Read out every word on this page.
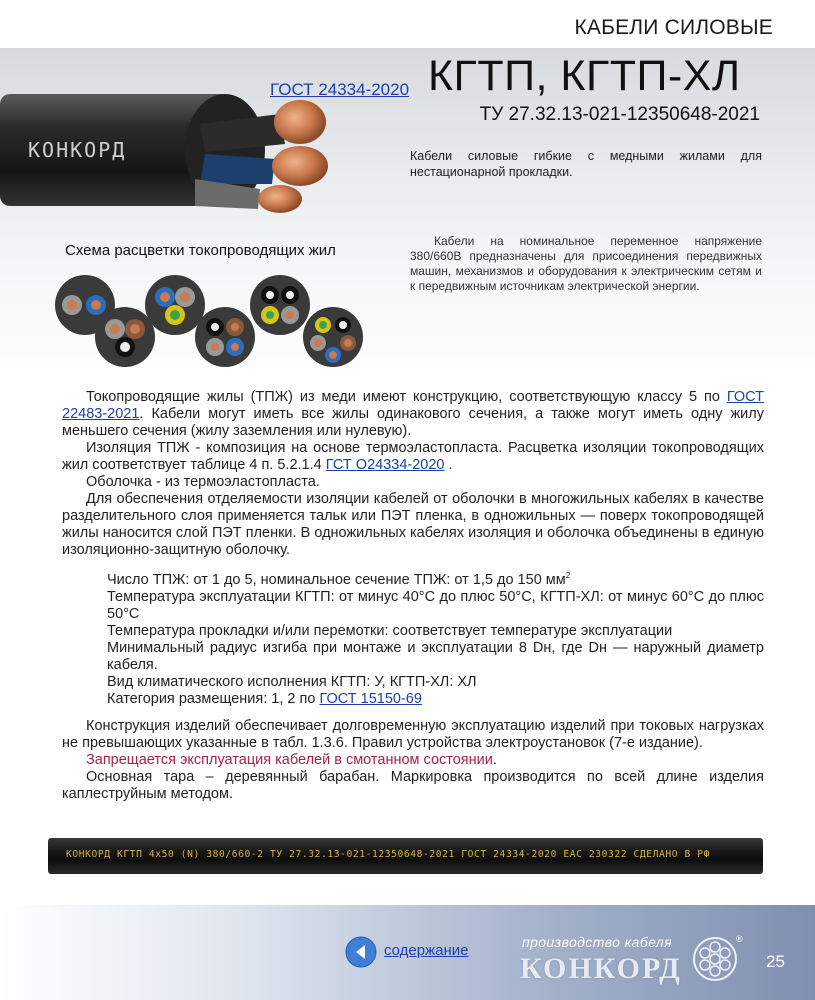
КАБЕЛИ СИЛОВЫЕ
КОНКОРД
ГОСТ 24334-2020 КГТП, КГТП-ХЛ
ТУ 27.32.13-021-12350648-2021
Кабели силовые гибкие с медными жилами для нестационарной прокладки.
Кабели на номинальное переменное напряжение 380/660В предназначены для присоединения передвижных машин, механизмов и оборудования к электрическим сетям и к передвижным источникам электрической энергии.
Схема расцветки токопроводящих жил

Токопроводящие жилы (ТПЖ) из меди имеют конструкцию, соответствующую классу 5 по ГОСТ 22483-2021. Кабели могут иметь все жилы одинакового сечения, а также могут иметь одну жилу меньшего сечения (жилу заземления или нулевую).

Изоляция ТПЖ - композиция на основе термоэластопласта. Расцветка изоляции токопроводящих жил соответствует таблице 4 п. 5.2.1.4 ГСТ О24334-2020 .

Оболочка - из термоэластопласта.

Для обеспечения отделяемости изоляции кабелей от оболочки в многожильных кабелях в качестве разделительного слоя применяется тальк или ПЭТ пленка, в одножильных — поверх токопроводящей жилы наносится слой ПЭТ пленки. В одножильных кабелях изоляция и оболочка объединены в единую изоляционно-защитную оболочку.

Число ТПЖ: от 1 до 5, номинальное сечение ТПЖ: от 1,5 до 150 $мм^2$

Температура эксплуатации КГТП: от минус 40°С до плюс 50°С, КГТП-ХЛ: от минус 60°С до плюс 50°С

Температура прокладки и/или перемотки: соответствует температуре эксплуатации

Минимальный радиус изгиба при монтаже и эксплуатации 8 Dн, где Dн — наружный диаметр кабеля.

Вид климатического исполнения КГТП: У, КГТП-ХЛ: ХЛ

Категория размещения: 1, 2 по ГОСТ 15150-69

Конструкция изделий обеспечивает долговременную эксплуатацию изделий при токовых нагрузках не превышающих указанные в табл. 1.3.6. Правил устройства электроустановок (7-е издание).

Запрещается эксплуатация кабелей в смотанном состоянии.

Основная тара – деревянный барабан. Маркировка производится по всей длине изделия каплеструйным методом.

КОНКОРД КГТП 4х50 (N) 380/660-2 ТУ 27.32.13-021-12350648-2021 ГОСТ 24334-2020 ЕАС 230322 СДЕЛАНО В РФ
содержание	производство кабеля
КОНКОРД
®
25
